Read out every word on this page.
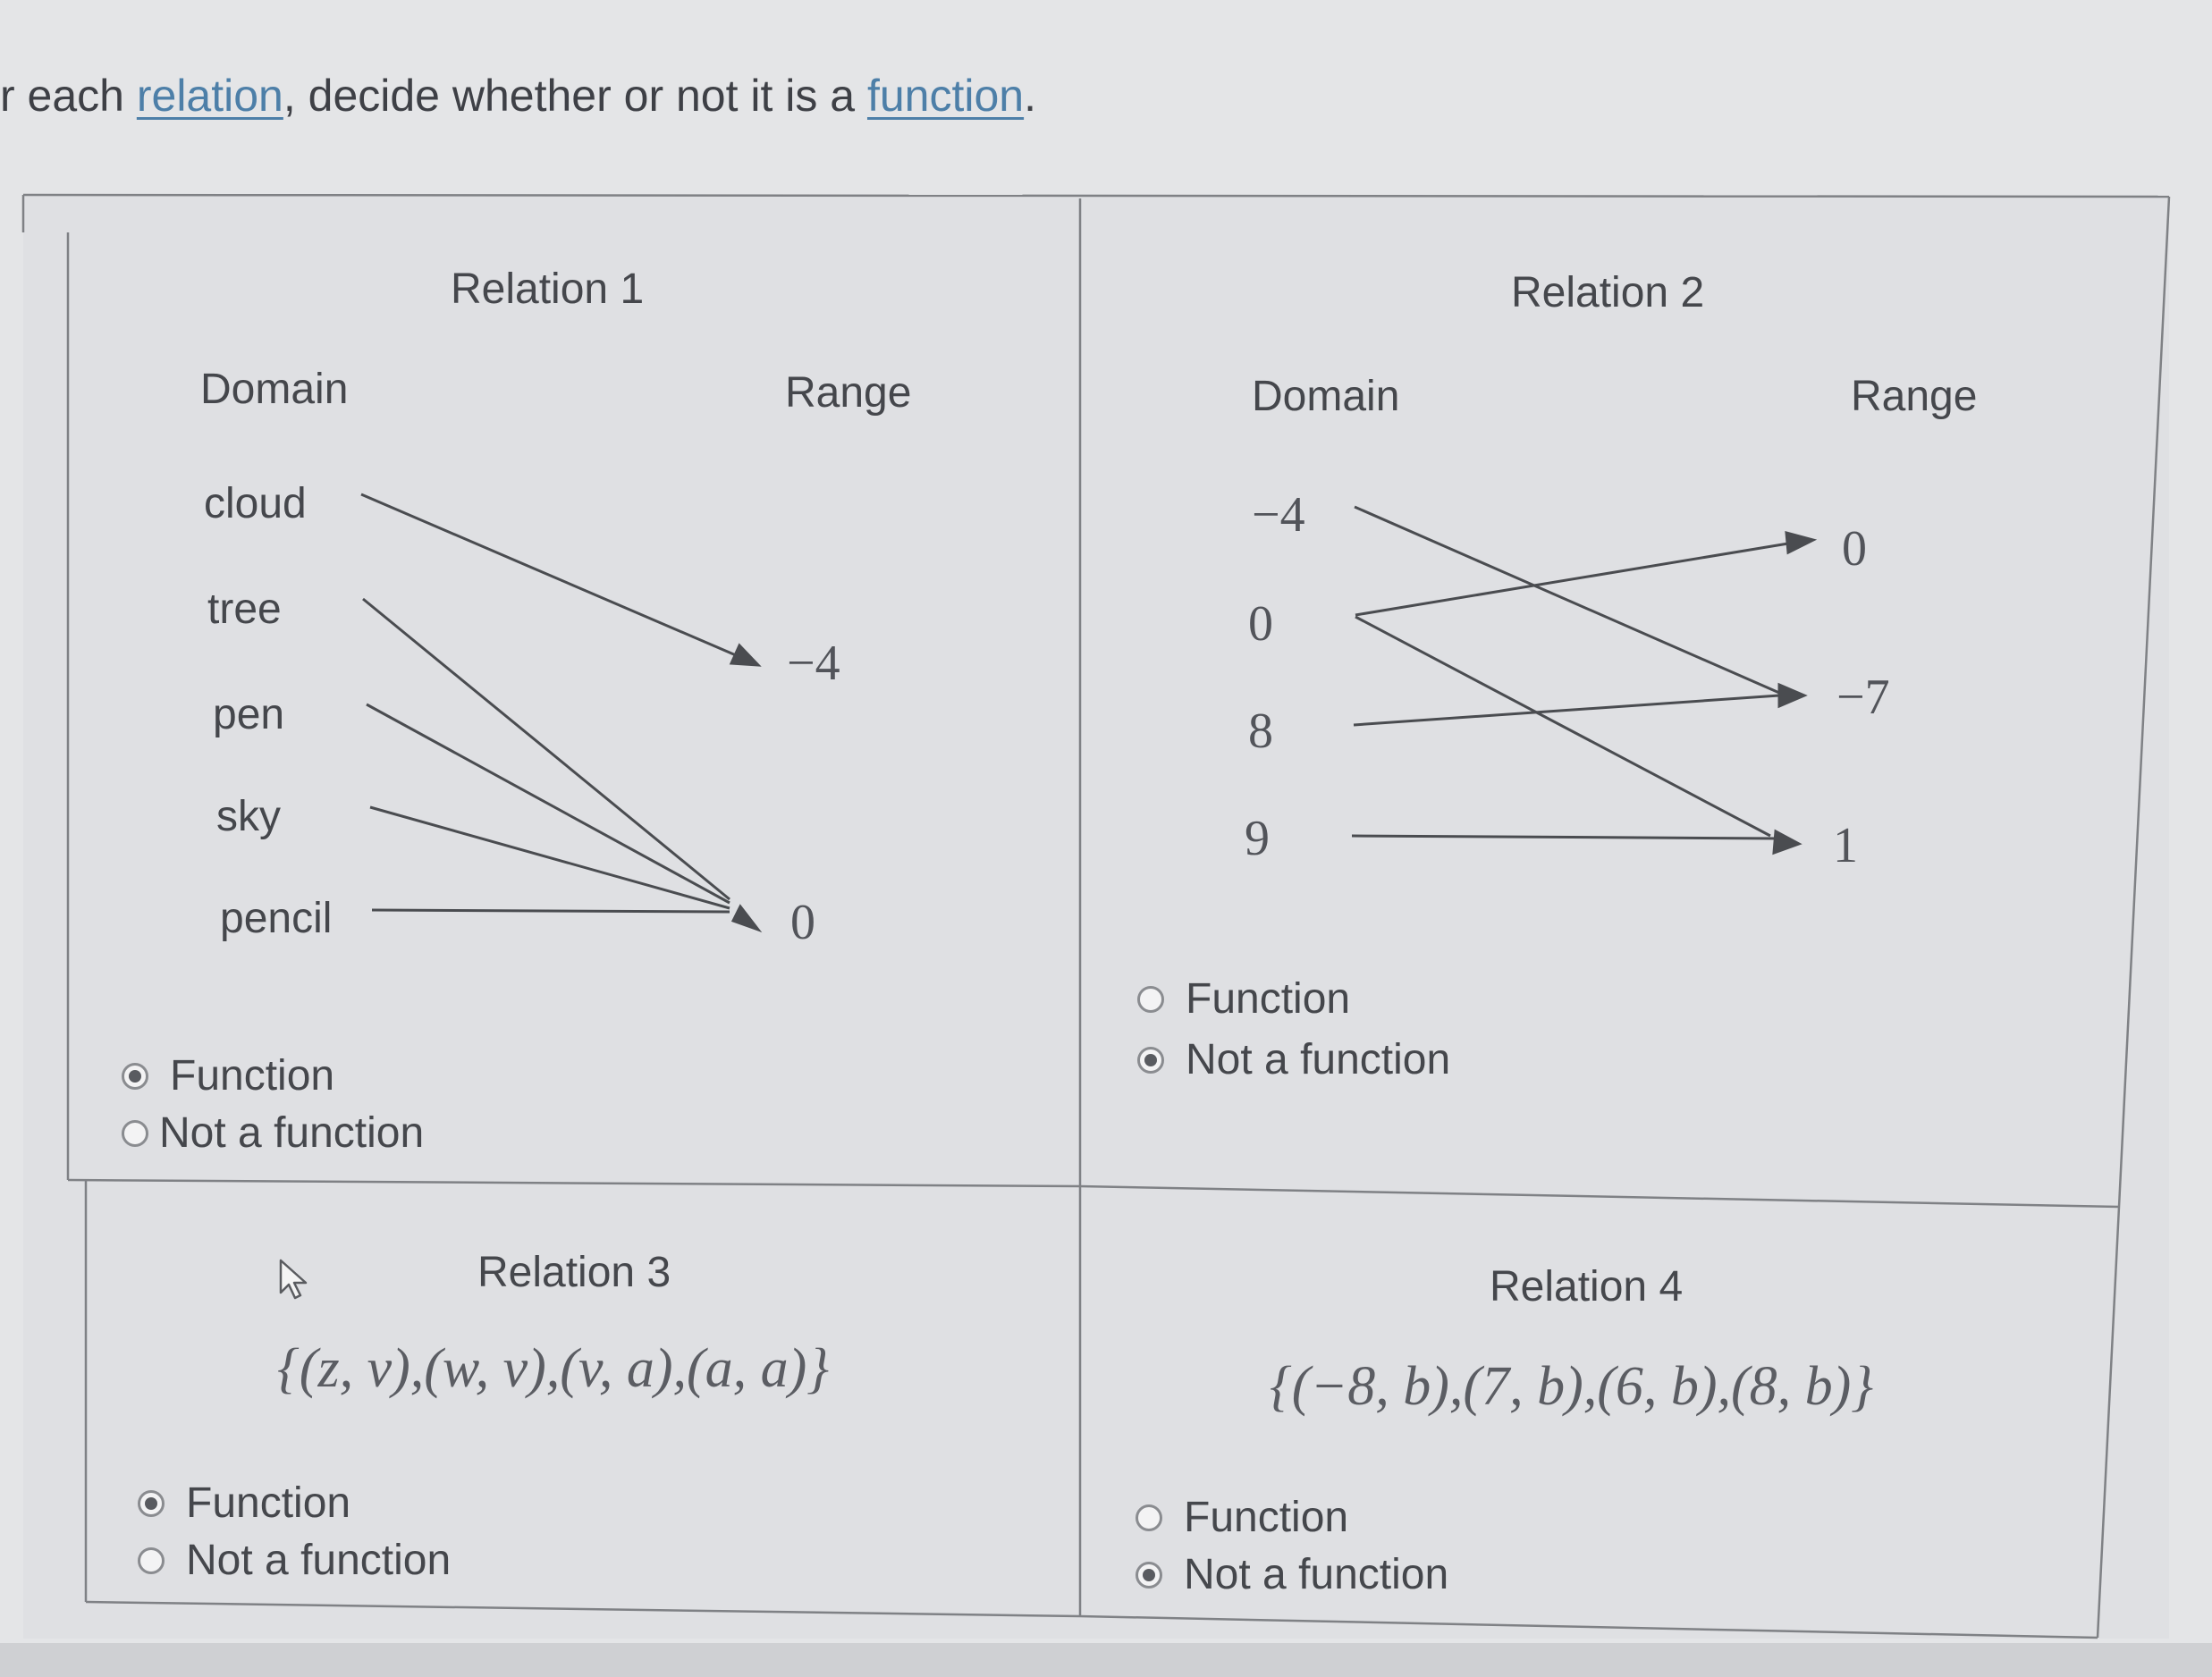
r each relation, decide whether or not it is a function.
Relation 1
Domain	Range
cloud
tree
pen
sky
pencil
−4
0
Function
Not a function
Relation 2
Domain	Range
−4
0
8
9
0
−7
1
Function
Not a function
Relation 3
{(z, v),(w, v),(v, a),(a, a)}
Function
Not a function
Relation 4
{(−8, b),(7, b),(6, b),(8, b)}
Function
Not a function
